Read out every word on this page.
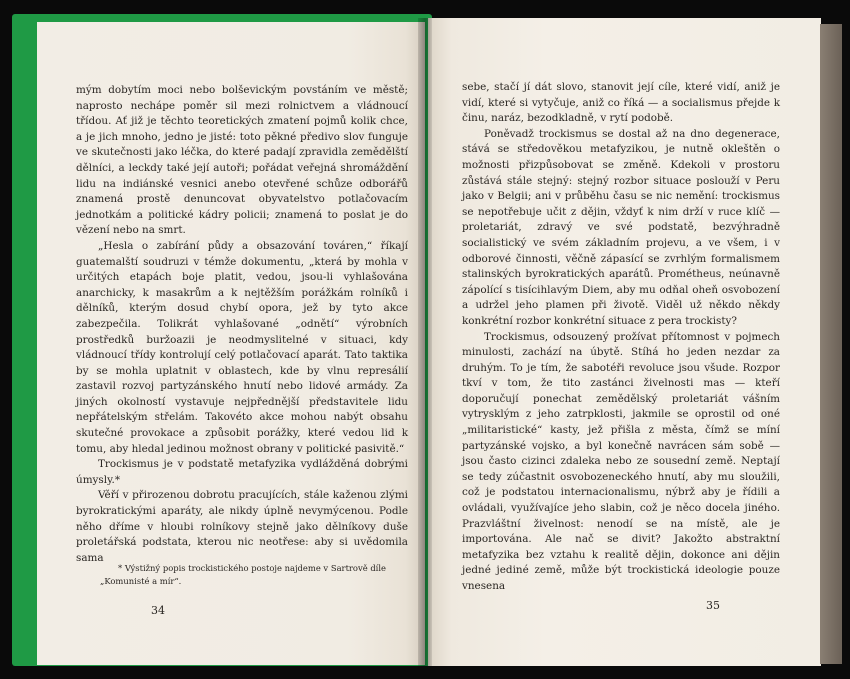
mým dobytím moci nebo bolševickým povstáním ve městě; naprosto nechápe poměr sil mezi rolnictvem a vládnoucí třídou. Ať již je těchto teoretických zmatení pojmů kolik chce, a je jich mnoho, jedno je jisté: toto pěkné předivo slov funguje ve skutečnosti jako léčka, do které padají zpravidla zemědělští dělníci, a leckdy také její autoři; pořádat veřejná shromáždění lidu na indiánské vesnici anebo otevřené schůze odborářů znamená prostě denuncovat obyvatelstvo potlačovacím jednotkám a politické kádry policii; znamená to poslat je do vězení nebo na smrt.

„Hesla o zabírání půdy a obsazování továren,“ říkají guatemalští soudruzi v témže dokumentu, „která by mohla v určitých etapách boje platit, vedou, jsou-li vyhlašována anarchicky, k masakrům a k nejtěžším porážkám rolníků i dělníků, kterým dosud chybí opora, jež by tyto akce zabezpečila. Tolikrát vyhlašované „odnětí“ výrobních prostředků buržoazii je neodmyslitelné v situaci, kdy vládnoucí třídy kontrolují celý potlačovací aparát. Tato taktika by se mohla uplatnit v oblastech, kde by vlnu represálií zastavil rozvoj partyzánského hnutí nebo lidové armády. Za jiných okolností vystavuje nejpřednější představitele lidu nepřátelským střelám. Takovéto akce mohou nabýt obsahu skutečné provokace a způsobit porážky, které vedou lid k tomu, aby hledal jedinou možnost obrany v politické pasivitě.“

Trockismus je v podstatě metafyzika vydlážděná dobrými úmysly.*

Věří v přirozenou dobrotu pracujících, stále kaženou zlými byrokratickými aparáty, ale nikdy úplně nevymýcenou. Podle něho dříme v hloubi rolníkovy stejně jako dělníkovy duše proletářská podstata, kterou nic neotřese: aby si uvědomila sama

* Výstižný popis trockistického postoje najdeme v Sartrově díle „Komunisté a mír“.

34

sebe, stačí jí dát slovo, stanovit její cíle, které vidí, aniž je vidí, které si vytyčuje, aniž co říká — a socialismus přejde k činu, naráz, bezodkladně, v rytí podobě.

Poněvadž trockismus se dostal až na dno degenerace, stává se středověkou metafyzikou, je nutně okleštěn o možnosti přizpůsobovat se změně. Kdekoli v prostoru zůstává stále stejný: stejný rozbor situace poslouží v Peru jako v Belgii; ani v průběhu času se nic nemění: trockismus se nepotřebuje učit z dějin, vždyť k nim drží v ruce klíč — proletariát, zdravý ve své podstatě, bezvýhradně socialistický ve svém základním projevu, a ve všem, i v odborové činnosti, věčně zápasící se zvrhlým formalismem stalinských byrokratických aparátů. Prométheus, neúnavně zápolící s tisícihlavým Diem, aby mu odňal oheň osvobození a udržel jeho plamen při životě. Viděl už někdo někdy konkrétní rozbor konkrétní situace z pera trockisty?

Trockismus, odsouzený prožívat přítomnost v pojmech minulosti, zachází na úbytě. Stíhá ho jeden nezdar za druhým. To je tím, že sabotéři revoluce jsou všude. Rozpor tkví v tom, že tito zastánci živelnosti mas — kteří doporučují ponechat zemědělský proletariát vášním vytrysklým z jeho zatrpklosti, jakmile se oprostil od oné „militaristické“ kasty, jež přišla z města, čímž se míní partyzánské vojsko, a byl konečně navrácen sám sobě — jsou často cizinci zdaleka nebo ze sousední země. Neptají se tedy zúčastnit osvobozeneckého hnutí, aby mu sloužili, což je podstatou internacionalismu, nýbrž aby je řídili a ovládali, využívajíce jeho slabin, což je něco docela jiného. Prazvláštní živelnost: nenodí se na místě, ale je importována. Ale nač se divit? Jakožto abstraktní metafyzika bez vztahu k realitě dějin, dokonce ani dějin jedné jediné země, může být trockistická ideologie pouze vnesena

35
